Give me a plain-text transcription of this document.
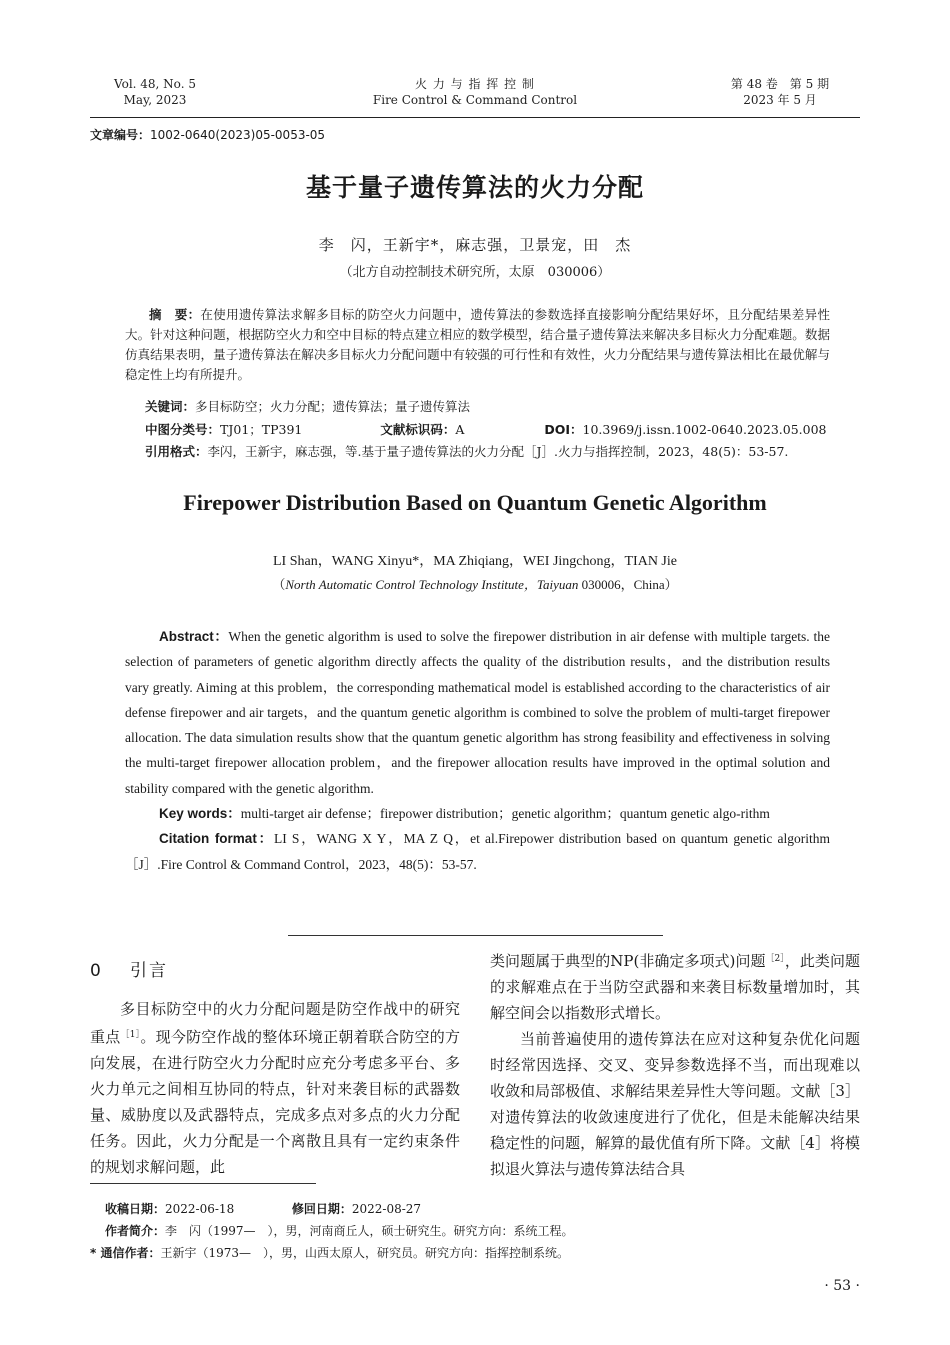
Vol. 48, No. 5
May, 2023
火 力 与 指 挥 控 制
Fire Control & Command Control
第 48 卷　第 5 期
2023 年 5 月
文章编号：1002-0640(2023)05-0053-05
基于量子遗传算法的火力分配
李　闪，王新宇*，麻志强，卫景宠，田　杰
（北方自动控制技术研究所，太原　030006）
摘　要：在使用遗传算法求解多目标的防空火力问题中，遗传算法的参数选择直接影响分配结果好坏，且分配结果差异性大。针对这种问题，根据防空火力和空中目标的特点建立相应的数学模型，结合量子遗传算法来解决多目标火力分配难题。数据仿真结果表明，量子遗传算法在解决多目标火力分配问题中有较强的可行性和有效性，火力分配结果与遗传算法相比在最优解与稳定性上均有所提升。
关键词：多目标防空；火力分配；遗传算法；量子遗传算法
中图分类号：TJ01；TP391	文献标识码：A	DOI：10.3969/j.issn.1002-0640.2023.05.008
引用格式：李闪，王新宇，麻志强，等.基于量子遗传算法的火力分配［J］.火力与指挥控制，2023，48(5)：53-57.
Firepower Distribution Based on Quantum Genetic Algorithm
LI Shan，WANG Xinyu*，MA Zhiqiang，WEI Jingchong，TIAN Jie
（North Automatic Control Technology Institute，Taiyuan 030006，China）

Abstract：When the genetic algorithm is used to solve the firepower distribution in air defense with multiple targets. the selection of parameters of genetic algorithm directly affects the quality of the distribution results，and the distribution results vary greatly. Aiming at this problem，the corresponding mathematical model is established according to the characteristics of air defense firepower and air targets，and the quantum genetic algorithm is combined to solve the problem of multi-target firepower allocation. The data simulation results show that the quantum genetic algorithm has strong feasibility and effectiveness in solving the multi-target firepower allocation problem，and the firepower allocation results have improved in the optimal solution and stability compared with the genetic algorithm.

Key words：multi-target air defense；firepower distribution；genetic algorithm；quantum genetic algo-rithm

Citation format：LI S，WANG X Y，MA Z Q，et al.Firepower distribution based on quantum genetic algorithm［J］.Fire Control & Command Control，2023，48(5)：53-57.

0 引言

多目标防空中的火力分配问题是防空作战中的研究重点$^{[1]}$。现今防空作战的整体环境正朝着联合防空的方向发展，在进行防空火力分配时应充分考虑多平台、多火力单元之间相互协同的特点，针对来袭目标的武器数量、威胁度以及武器特点，完成多点对多点的火力分配任务。因此，火力分配是一个离散且具有一定约束条件的规划求解问题，此

类问题属于典型的NP(非确定多项式)问题$^{[2]}$，此类问题的求解难点在于当防空武器和来袭目标数量增加时，其解空间会以指数形式增长。

当前普遍使用的遗传算法在应对这种复杂优化问题时经常因选择、交叉、变异参数选择不当，而出现难以收敛和局部极值、求解结果差异性大等问题。文献［3］对遗传算法的收敛速度进行了优化，但是未能解决结果稳定性的问题，解算的最优值有所下降。文献［4］将模拟退火算法与遗传算法结合具

收稿日期：2022-06-18	修回日期：2022-08-27
作者简介：李　闪（1997—　），男，河南商丘人，硕士研究生。研究方向：系统工程。
* 通信作者：王新宇（1973—　），男，山西太原人，研究员。研究方向：指挥控制系统。
· 53 ·
